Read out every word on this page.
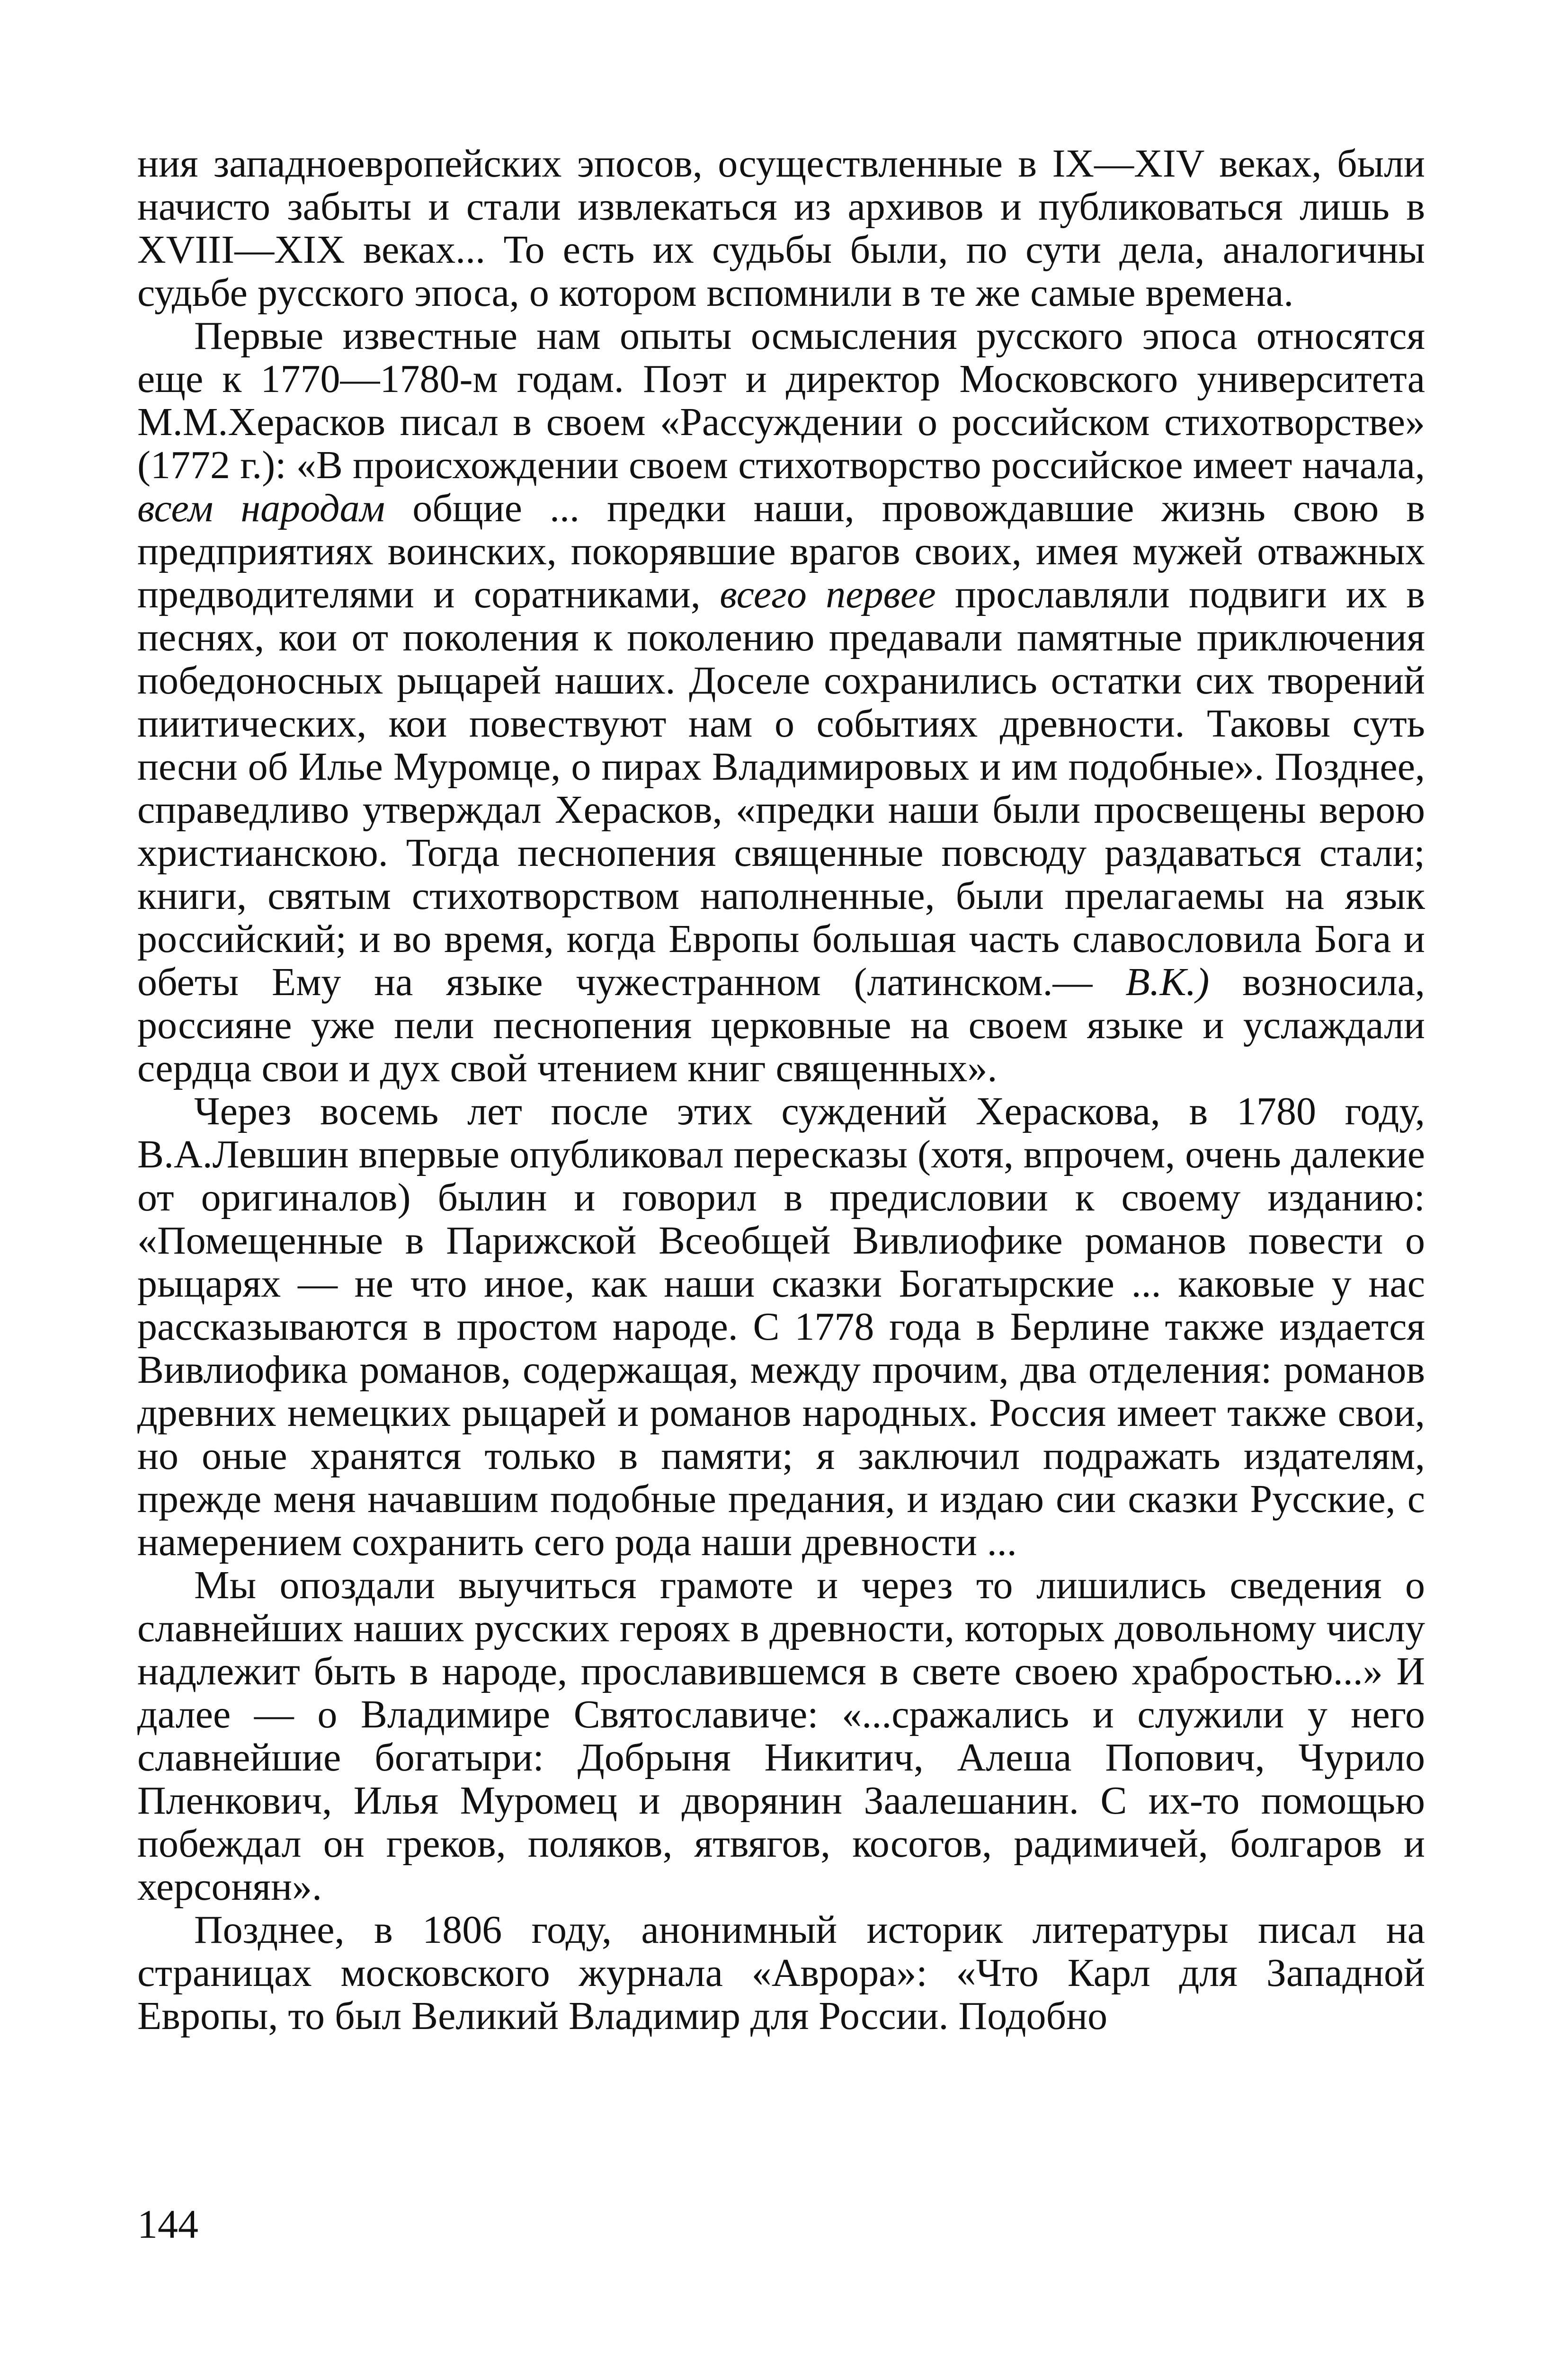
ния западноевропейских эпосов, осуществленные в IX—XIV веках, были начисто забыты и стали извлекаться из архивов и публиковаться лишь в XVIII—XIX веках... То есть их судьбы были, по сути дела, аналогичны судьбе русского эпоса, о котором вспомнили в те же самые времена.

Первые известные нам опыты осмысления русского эпоса относятся еще к 1770—1780-м годам. Поэт и директор Московского университета М.М.Херасков писал в своем «Рассуждении о российском стихотворстве» (1772 г.): «В происхождении своем стихотворство российское имеет начала, всем народам общие ... предки наши, провождавшие жизнь свою в предприятиях воинских, покорявшие врагов своих, имея мужей отважных предводителями и соратниками, всего первее прославляли подвиги их в песнях, кои от поколения к поколению предавали памятные приключения победоносных рыцарей наших. Доселе сохранились остатки сих творений пиитических, кои повествуют нам о событиях древности. Таковы суть песни об Илье Муромце, о пирах Владимировых и им подобные». Позднее, справедливо утверждал Херасков, «предки наши были просвещены верою христианскою. Тогда песнопения священные повсюду раздаваться стали; книги, святым стихотворством наполненные, были прелагаемы на язык российский; и во время, когда Европы большая часть славословила Бога и обеты Ему на языке чужестранном (латинском.— В.К.) возносила, россияне уже пели песнопения церковные на своем языке и услаждали сердца свои и дух свой чтением книг священных».

Через восемь лет после этих суждений Хераскова, в 1780 году, В.А.Левшин впервые опубликовал пересказы (хотя, впрочем, очень далекие от оригиналов) былин и говорил в предисловии к своему изданию: «Помещенные в Парижской Всеобщей Вивлиофике романов повести о рыцарях — не что иное, как наши сказки Богатырские ... каковые у нас рассказываются в простом народе. С 1778 года в Берлине также издается Вивлиофика романов, содержащая, между прочим, два отделения: романов древних немецких рыцарей и романов народных. Россия имеет также свои, но оные хранятся только в памяти; я заключил подражать издателям, прежде меня начавшим подобные предания, и издаю сии сказки Русские, с намерением сохранить сего рода наши древности ...

Мы опоздали выучиться грамоте и через то лишились сведения о славнейших наших русских героях в древности, которых довольному числу надлежит быть в народе, прославившемся в свете своею храбростью...» И далее — о Владимире Святославиче: «...сражались и служили у него славнейшие богатыри: Добрыня Никитич, Алеша Попович, Чурило Пленкович, Илья Муромец и дворянин Заалешанин. С их-то помощью побеждал он греков, поляков, ятвягов, косогов, радимичей, болгаров и херсонян».

Позднее, в 1806 году, анонимный историк литературы писал на страницах московского журнала «Аврора»: «Что Карл для Западной Европы, то был Великий Владимир для России. Подобно

144
